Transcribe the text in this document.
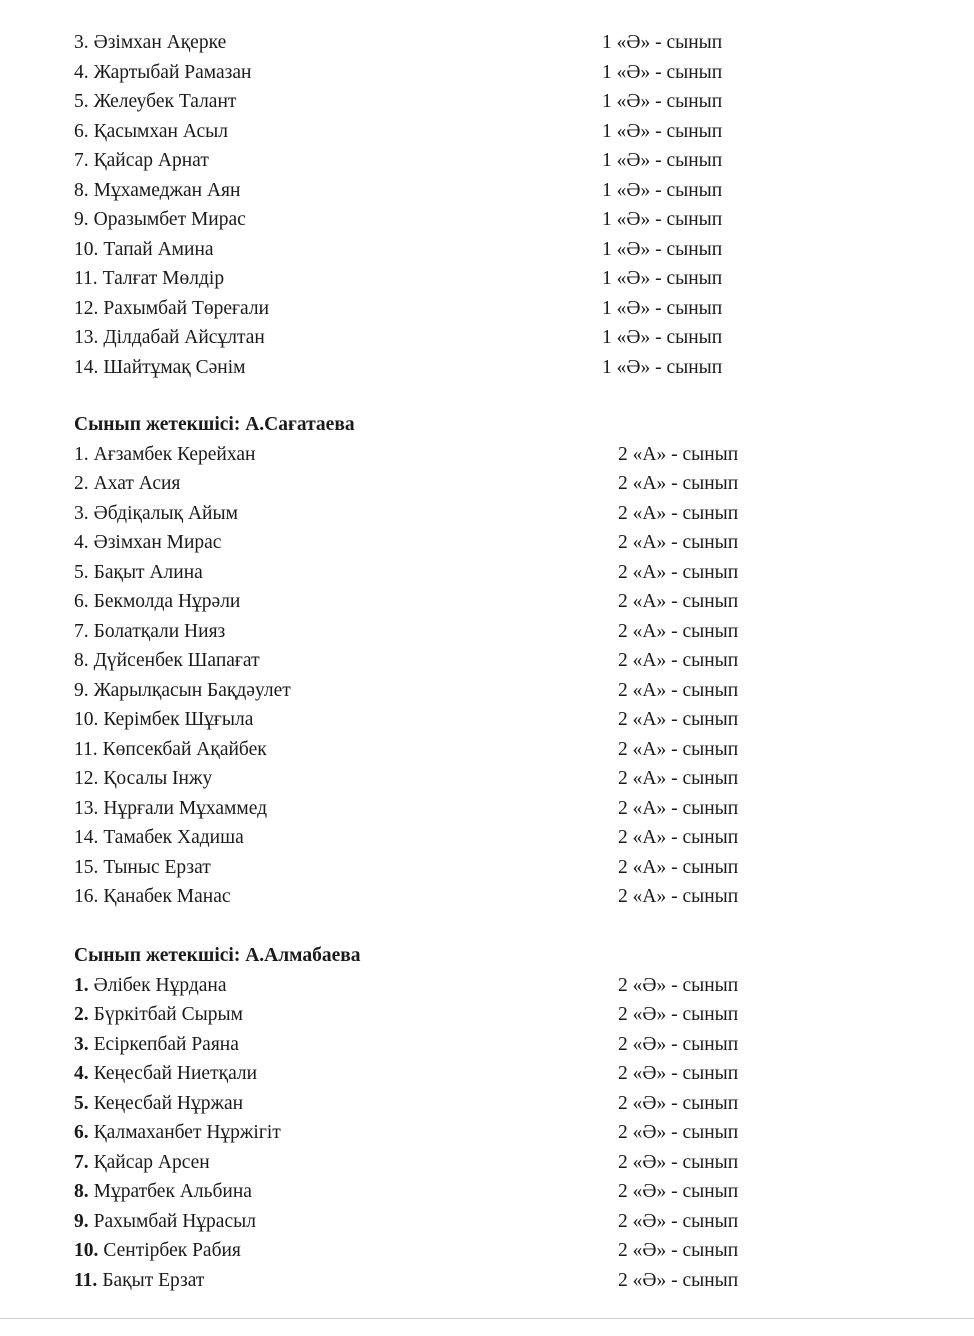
3. Әзімхан Ақерке	1 «Ә» - сынып
4. Жартыбай Рамазан	1 «Ә» - сынып
5. Желеубек Талант	1 «Ә» - сынып
6. Қасымхан Асыл	1 «Ә» - сынып
7. Қайсар Арнат	1 «Ә» - сынып
8. Мұхамеджан Аян	1 «Ә» - сынып
9. Оразымбет Мирас	1 «Ә» - сынып
10. Тапай Амина	1 «Ә» - сынып
11. Талғат Мөлдір	1 «Ә» - сынып
12. Рахымбай Төреғали	1 «Ә» - сынып
13. Ділдабай Айсұлтан	1 «Ә» - сынып
14. Шайтұмақ Сәнім	1 «Ә» - сынып
Сынып жетекшісі: А.Сағатаева
1. Ағзамбек Керейхан	2 «А» - сынып
2. Ахат Асия	2 «А» - сынып
3. Әбдіқалық Айым	2 «А» - сынып
4. Әзімхан Мирас	2 «А» - сынып
5. Бақыт Алина	2 «А» - сынып
6. Бекмолда Нұрәли	2 «А» - сынып
7. Болатқали Нияз	2 «А» - сынып
8. Дүйсенбек Шапағат	2 «А» - сынып
9. Жарылқасын Бақдәулет	2 «А» - сынып
10. Керімбек Шұғыла	2 «А» - сынып
11. Көпсекбай Ақайбек	2 «А» - сынып
12. Қосалы Інжу	2 «А» - сынып
13. Нұрғали Мұхаммед	2 «А» - сынып
14. Тамабек Хадиша	2 «А» - сынып
15. Тыныс Ерзат	2 «А» - сынып
16. Қанабек Манас	2 «А» - сынып
Сынып жетекшісі: А.Алмабаева
1. Әлібек Нұрдана	2 «Ә» - сынып
2. Бүркітбай Сырым	2 «Ә» - сынып
3. Есіркепбай Раяна	2 «Ә» - сынып
4. Кеңесбай Ниетқали	2 «Ә» - сынып
5. Кеңесбай Нұржан	2 «Ә» - сынып
6. Қалмаханбет Нұржігіт	2 «Ә» - сынып
7. Қайсар Арсен	2 «Ә» - сынып
8. Мұратбек Альбина	2 «Ә» - сынып
9. Рахымбай Нұрасыл	2 «Ә» - сынып
10. Сентірбек Рабия	2 «Ә» - сынып
11. Бақыт Ерзат	2 «Ә» - сынып
